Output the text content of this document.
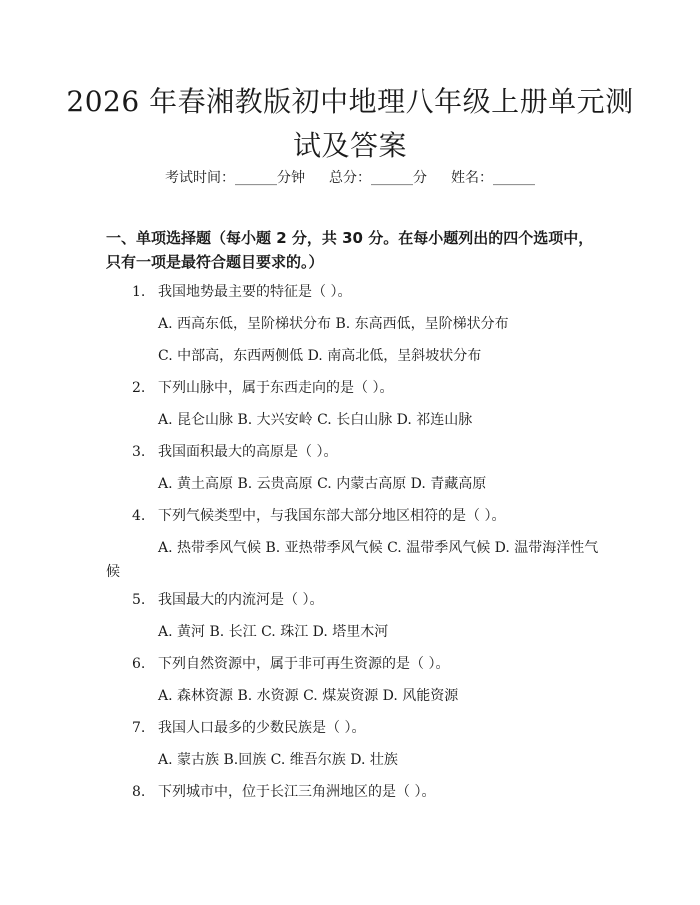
2026 年春湘教版初中地理八年级上册单元测
试及答案
考试时间：______分钟 总分：______分 姓名：______
一、单项选择题（每小题 2 分，共 30 分。在每小题列出的四个选项中，只有一项是最符合题目要求的。）
1. 我国地势最主要的特征是（ ）。
A. 西高东低，呈阶梯状分布 B. 东高西低，呈阶梯状分布
C. 中部高，东西两侧低 D. 南高北低，呈斜坡状分布
2. 下列山脉中，属于东西走向的是（ ）。
A. 昆仑山脉 B. 大兴安岭 C. 长白山脉 D. 祁连山脉
3. 我国面积最大的高原是（ ）。
A. 黄土高原 B. 云贵高原 C. 内蒙古高原 D. 青藏高原
4. 下列气候类型中，与我国东部大部分地区相符的是（ ）。
A. 热带季风气候 B. 亚热带季风气候 C. 温带季风气候 D. 温带海洋性气候
5. 我国最大的内流河是（ ）。
A. 黄河 B. 长江 C. 珠江 D. 塔里木河
6. 下列自然资源中，属于非可再生资源的是（ ）。
A. 森林资源 B. 水资源 C. 煤炭资源 D. 风能资源
7. 我国人口最多的少数民族是（ ）。
A. 蒙古族 B.回族 C. 维吾尔族 D. 壮族
8. 下列城市中，位于长江三角洲地区的是（ ）。
